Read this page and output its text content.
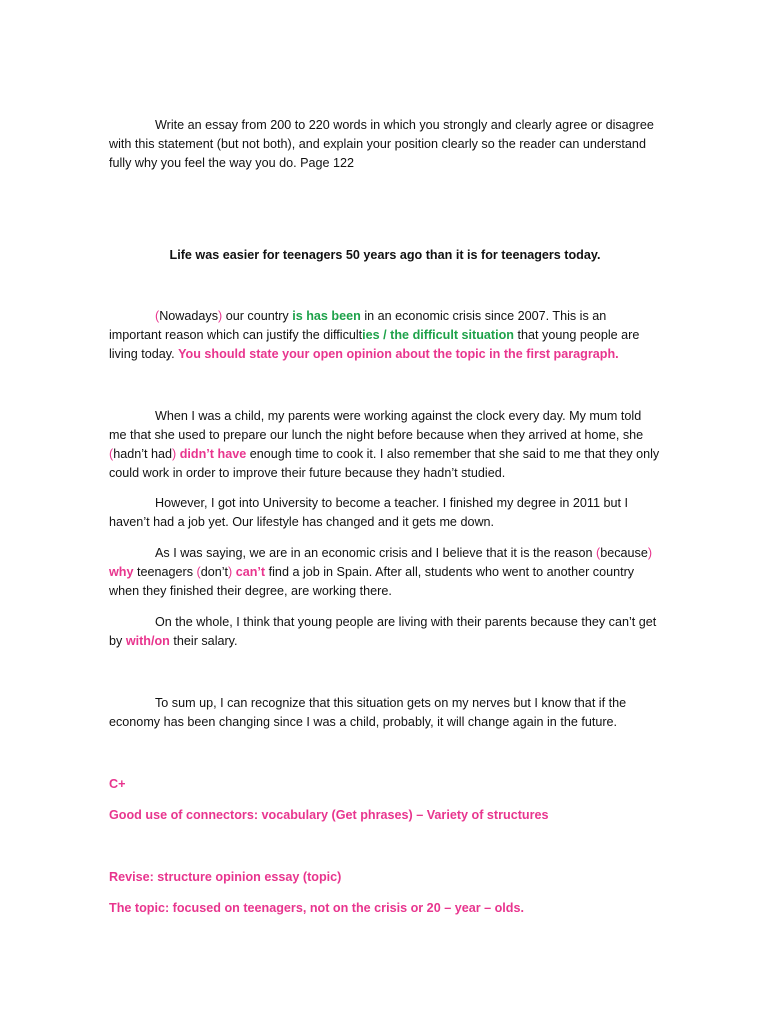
Write an essay from 200 to 220 words in which you strongly and clearly agree or disagree with this statement (but not both), and explain your position clearly so the reader can understand fully why you feel the way you do. Page 122

Life was easier for teenagers 50 years ago than it is for teenagers today.

(Nowadays) our country is has been in an economic crisis since 2007. This is an important reason which can justify the difficulties / the difficult situation that young people are living today. You should state your open opinion about the topic in the first paragraph.

When I was a child, my parents were working against the clock every day. My mum told me that she used to prepare our lunch the night before because when they arrived at home, she (hadn’t had) didn’t have enough time to cook it. I also remember that she said to me that they only could work in order to improve their future because they hadn’t studied.

However, I got into University to become a teacher. I finished my degree in 2011 but I haven’t had a job yet. Our lifestyle has changed and it gets me down.

As I was saying, we are in an economic crisis and I believe that it is the reason (because) why teenagers (don’t) can’t find a job in Spain. After all, students who went to another country when they finished their degree, are working there.

On the whole, I think that young people are living with their parents because they can’t get by with/on their salary.

To sum up, I can recognize that this situation gets on my nerves but I know that if the economy has been changing since I was a child, probably, it will change again in the future.

C+

Good use of connectors: vocabulary (Get phrases) – Variety of structures

Revise: structure opinion essay (topic)

The topic: focused on teenagers, not on the crisis or 20 – year – olds.
